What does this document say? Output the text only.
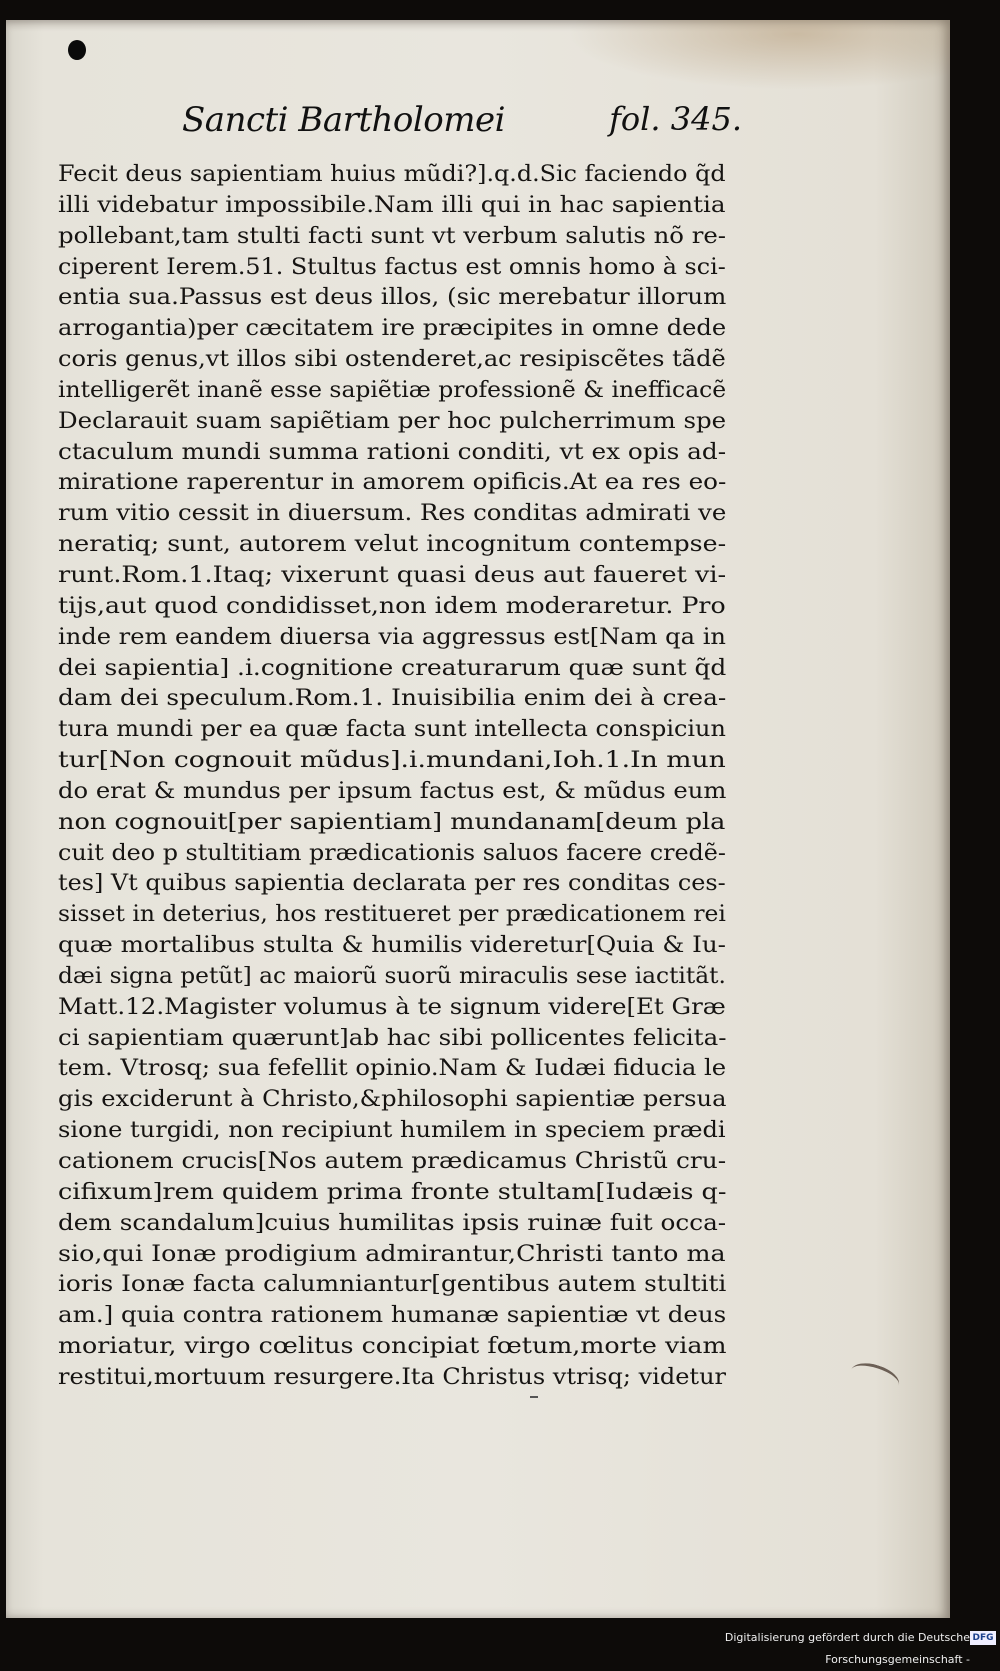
Sancti Bartholomei	fol. 345.
Fecit deus sapientiam huius mũdi?].q.d.Sic faciendo q̃d
illi videbatur impossibile.Nam illi qui in hac sapientia
pollebant,tam stulti facti sunt vt verbum salutis nõ re-
ciperent Ierem.51. Stultus factus est omnis homo à sci-
entia sua.Passus est deus illos, (sic merebatur illorum
arrogantia)per cæcitatem ire præcipites in omne dede
coris genus,vt illos sibi ostenderet,ac resipiscẽtes tãdẽ
intelligerẽt inanẽ esse sapiẽtiæ professionẽ & inefficacẽ
Declarauit suam sapiẽtiam per hoc pulcherrimum spe
ctaculum mundi summa rationi conditi, vt ex opis ad-
miratione raperentur in amorem opificis.At ea res eo-
rum vitio cessit in diuersum. Res conditas admirati ve
neratiq; sunt, autorem velut incognitum contempse-
runt.Rom.1.Itaq; vixerunt quasi deus aut faueret vi-
tijs,aut quod condidisset,non idem moderaretur. Pro
inde rem eandem diuersa via aggressus est[Nam qa in
dei sapientia] .i.cognitione creaturarum quæ sunt q̃d
dam dei speculum.Rom.1. Inuisibilia enim dei à crea-
tura mundi per ea quæ facta sunt intellecta conspiciun
tur[Non cognouit mũdus].i.mundani,Ioh.1.In mun
do erat & mundus per ipsum factus est, & mũdus eum
non cognouit[per sapientiam] mundanam[deum pla
cuit deo p stultitiam prædicationis saluos facere credẽ-
tes] Vt quibus sapientia declarata per res conditas ces-
sisset in deterius, hos restitueret per prædicationem rei
quæ mortalibus stulta & humilis videretur[Quia & Iu-
dæi signa petũt] ac maiorũ suorũ miraculis sese iactitãt.
Matt.12.Magister volumus à te signum videre[Et Græ
ci sapientiam quærunt]ab hac sibi pollicentes felicita-
tem. Vtrosq; sua fefellit opinio.Nam & Iudæi fiducia le
gis exciderunt à Christo,&philosophi sapientiæ persua
sione turgidi, non recipiunt humilem in speciem prædi
cationem crucis[Nos autem prædicamus Christũ cru-
cifixum]rem quidem prima fronte stultam[Iudæis q-
dem scandalum]cuius humilitas ipsis ruinæ fuit occa-
sio,qui Ionæ prodigium admirantur,Christi tanto ma
ioris Ionæ facta calumniantur[gentibus autem stultiti
am.] quia contra rationem humanæ sapientiæ vt deus
moriatur, virgo cœlitus concipiat fœtum,morte viam
restitui,mortuum resurgere.Ita Christus vtrisq; videtur
Digitalisierung gefördert durch die Deutsche Forschungsgemeinschaft -
DFG
